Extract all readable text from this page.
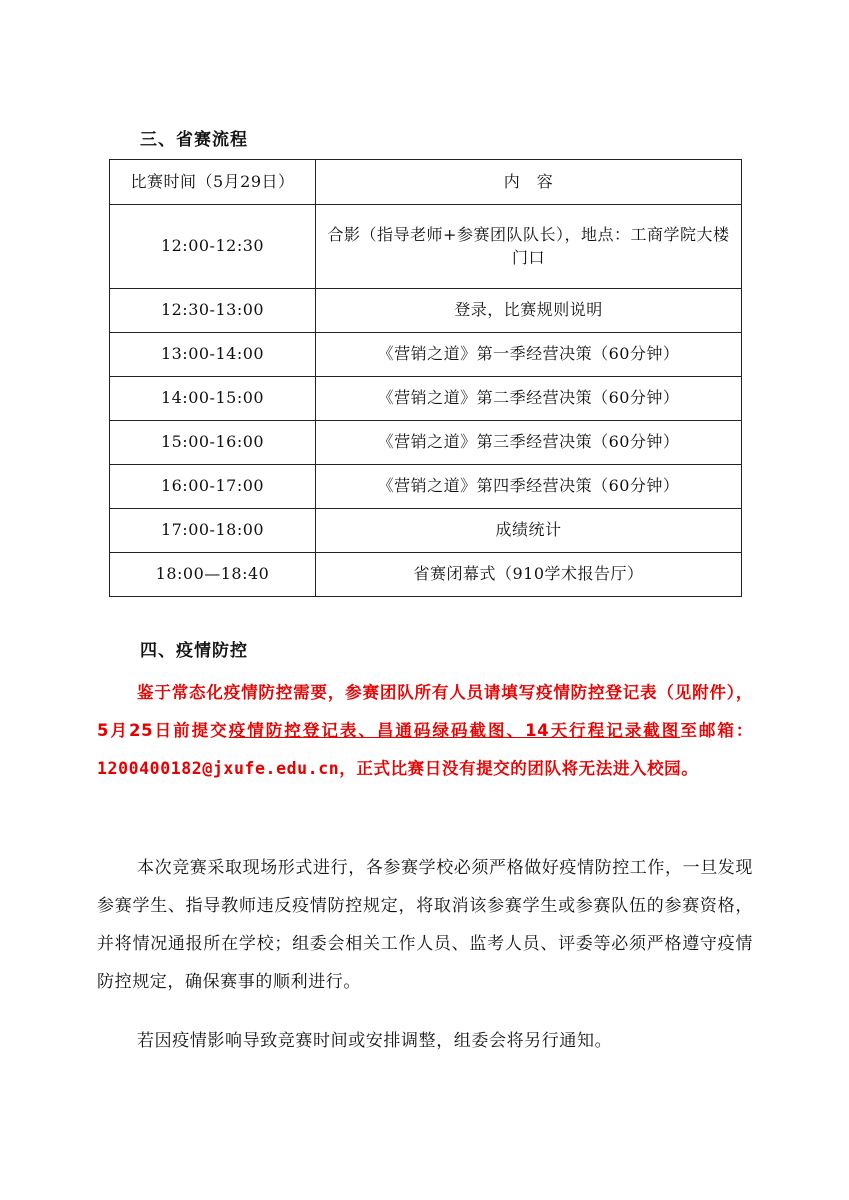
三、省赛流程
比赛时间（5月29日）	内　容
12:00-12:30	合影（指导老师+参赛团队队长），地点：工商学院大楼门口
12:30-13:00	登录，比赛规则说明
13:00-14:00	《营销之道》第一季经营决策（60分钟）
14:00-15:00	《营销之道》第二季经营决策（60分钟）
15:00-16:00	《营销之道》第三季经营决策（60分钟）
16:00-17:00	《营销之道》第四季经营决策（60分钟）
17:00-18:00	成绩统计
18:00—18:40	省赛闭幕式（910学术报告厅）
四、疫情防控
鉴于常态化疫情防控需要，参赛团队所有人员请填写疫情防控登记表（见附件），5月25日前提交疫情防控登记表、昌通码绿码截图、14天行程记录截图至邮箱：1200400182@jxufe.edu.cn，正式比赛日没有提交的团队将无法进入校园。
本次竞赛采取现场形式进行，各参赛学校必须严格做好疫情防控工作，一旦发现参赛学生、指导教师违反疫情防控规定，将取消该参赛学生或参赛队伍的参赛资格，并将情况通报所在学校；组委会相关工作人员、监考人员、评委等必须严格遵守疫情防控规定，确保赛事的顺利进行。
若因疫情影响导致竞赛时间或安排调整，组委会将另行通知。
